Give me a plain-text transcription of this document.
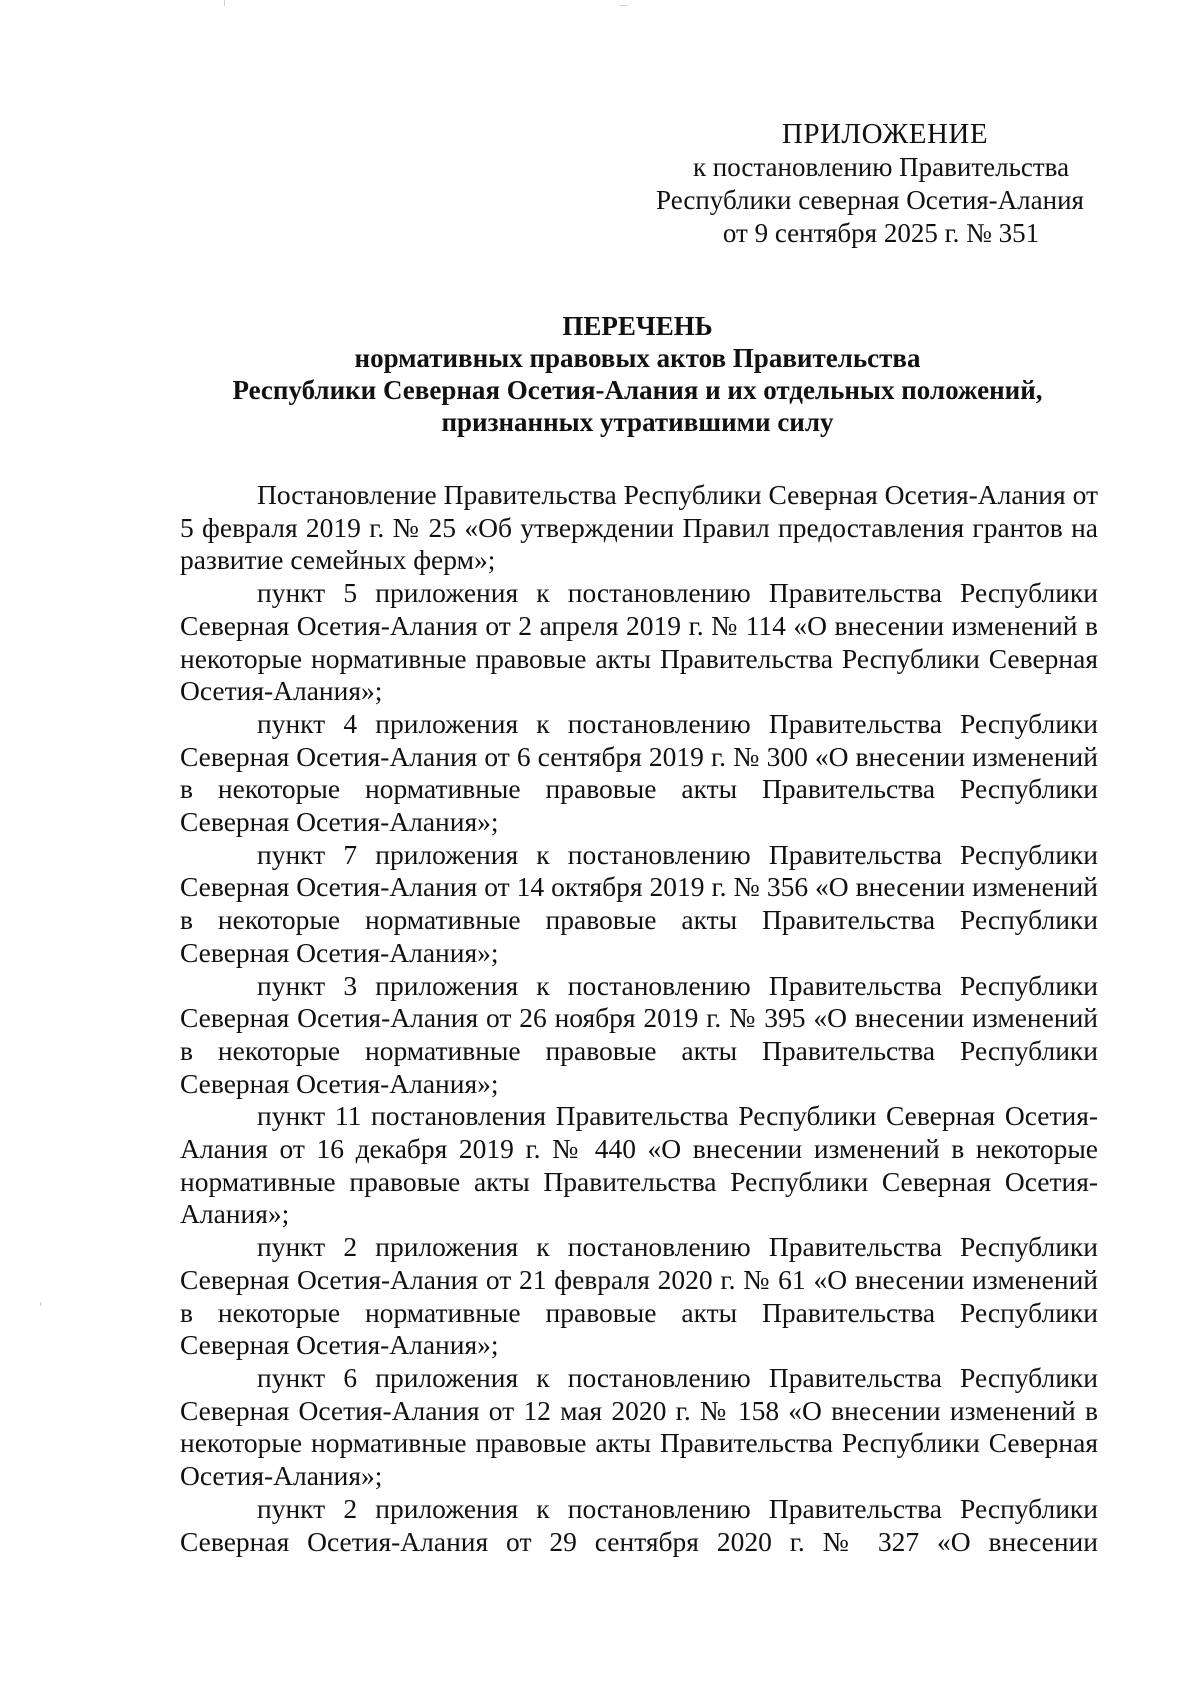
ПРИЛОЖЕНИЕ
к постановлению Правительства
Республики северная Осетия-Алания
от 9 сентября 2025 г. № 351
ПЕРЕЧЕНЬ
нормативных правовых актов Правительства
Республики Северная Осетия-Алания и их отдельных положений,
признанных утратившими силу

Постановление Правительства Республики Северная Осетия-Алания от 5 февраля 2019 г. № 25 «Об утверждении Правил предоставления грантов на развитие семейных ферм»;

пункт 5 приложения к постановлению Правительства Республики Северная Осетия-Алания от 2 апреля 2019 г. № 114 «О внесении изменений в некоторые нормативные правовые акты Правительства Республики Северная Осетия-Алания»;

пункт 4 приложения к постановлению Правительства Республики Северная Осетия-Алания от 6 сентября 2019 г. № 300 «О внесении изменений в некоторые нормативные правовые акты Правительства Республики Северная Осетия-Алания»;

пункт 7 приложения к постановлению Правительства Республики Северная Осетия-Алания от 14 октября 2019 г. № 356 «О внесении изменений в некоторые нормативные правовые акты Правительства Республики Северная Осетия-Алания»;

пункт 3 приложения к постановлению Правительства Республики Северная Осетия-Алания от 26 ноября 2019 г. № 395 «О внесении изменений в некоторые нормативные правовые акты Правительства Республики Северная Осетия-Алания»;

пункт 11 постановления Правительства Республики Северная Осетия-Алания от 16 декабря 2019 г. № 440 «О внесении изменений в некоторые нормативные правовые акты Правительства Республики Северная Осетия-Алания»;

пункт 2 приложения к постановлению Правительства Республики Северная Осетия-Алания от 21 февраля 2020 г. № 61 «О внесении изменений в некоторые нормативные правовые акты Правительства Республики Северная Осетия-Алания»;

пункт 6 приложения к постановлению Правительства Республики Северная Осетия-Алания от 12 мая 2020 г. № 158 «О внесении изменений в некоторые нормативные правовые акты Правительства Республики Северная Осетия-Алания»;

пункт 2 приложения к постановлению Правительства Республики Северная Осетия-Алания от 29 сентября 2020 г. № 327 «О внесении
